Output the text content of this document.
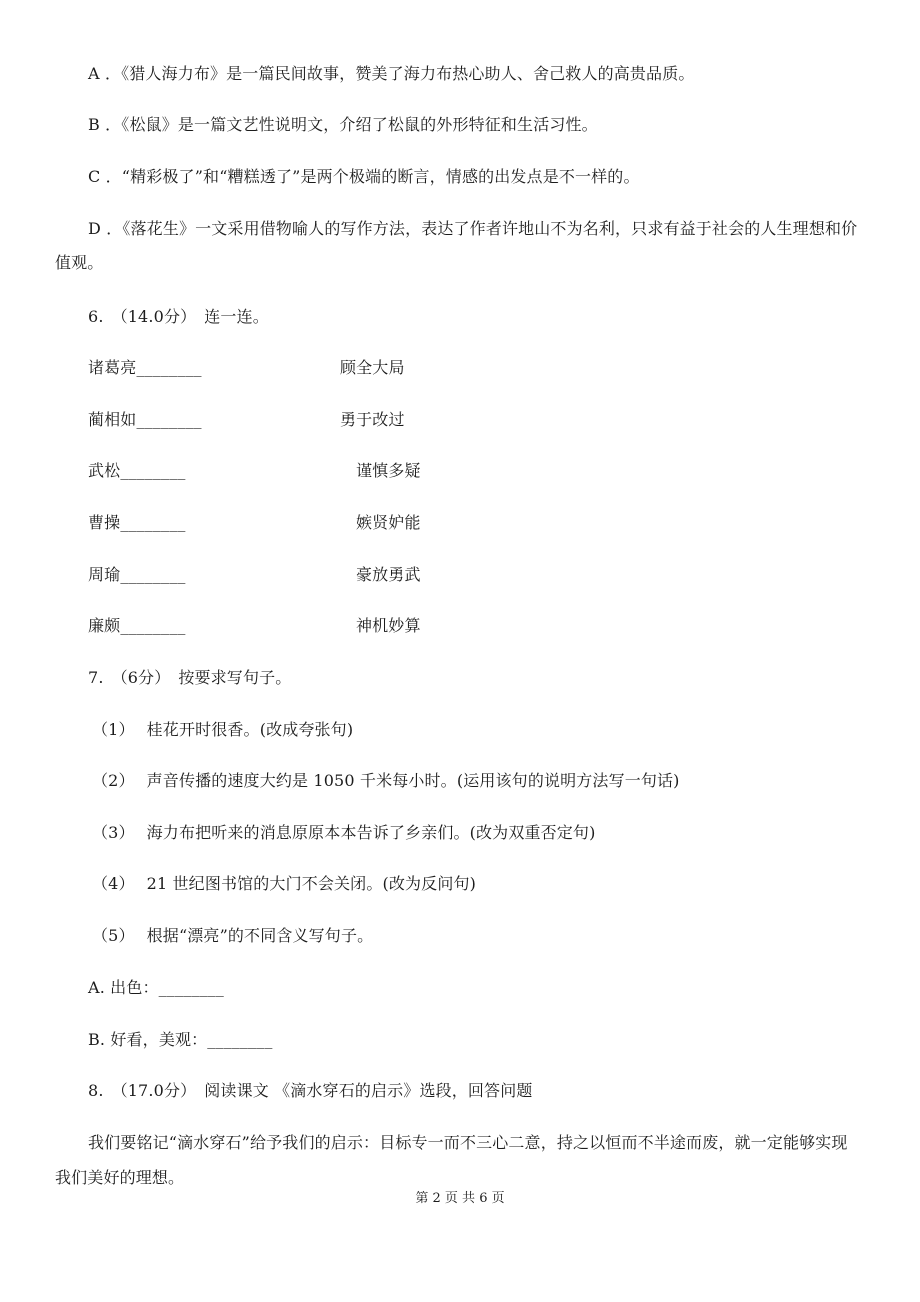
A ．《猎人海力布》是一篇民间故事，赞美了海力布热心助人、舍己救人的高贵品质。
B ．《松鼠》是一篇文艺性说明文，介绍了松鼠的外形特征和生活习性。
C ．“精彩极了”和“糟糕透了”是两个极端的断言，情感的出发点是不一样的。
D ．《落花生》一文采用借物喻人的写作方法，表达了作者许地山不为名利，只求有益于社会的人生理想和价
值观。
6. （14.0分） 连一连。
诸葛亮________	顾全大局
蔺相如________	勇于改过
武松________	谨慎多疑
曹操________	嫉贤妒能
周瑜________	豪放勇武
廉颇________	神机妙算
7. （6分） 按要求写句子。
（1） 桂花开时很香。(改成夸张句)
（2） 声音传播的速度大约是 1050 千米每小时。(运用该句的说明方法写一句话)
（3） 海力布把听来的消息原原本本告诉了乡亲们。(改为双重否定句)
（4） 21 世纪图书馆的大门不会关闭。(改为反问句)
（5） 根据“漂亮”的不同含义写句子。
A. 出色：________
B. 好看，美观：________
8. （17.0分） 阅读课文 《滴水穿石的启示》选段，回答问题
我们要铭记“滴水穿石”给予我们的启示：目标专一而不三心二意，持之以恒而不半途而废，就一定能够实现
我们美好的理想。
第 2 页 共 6 页
